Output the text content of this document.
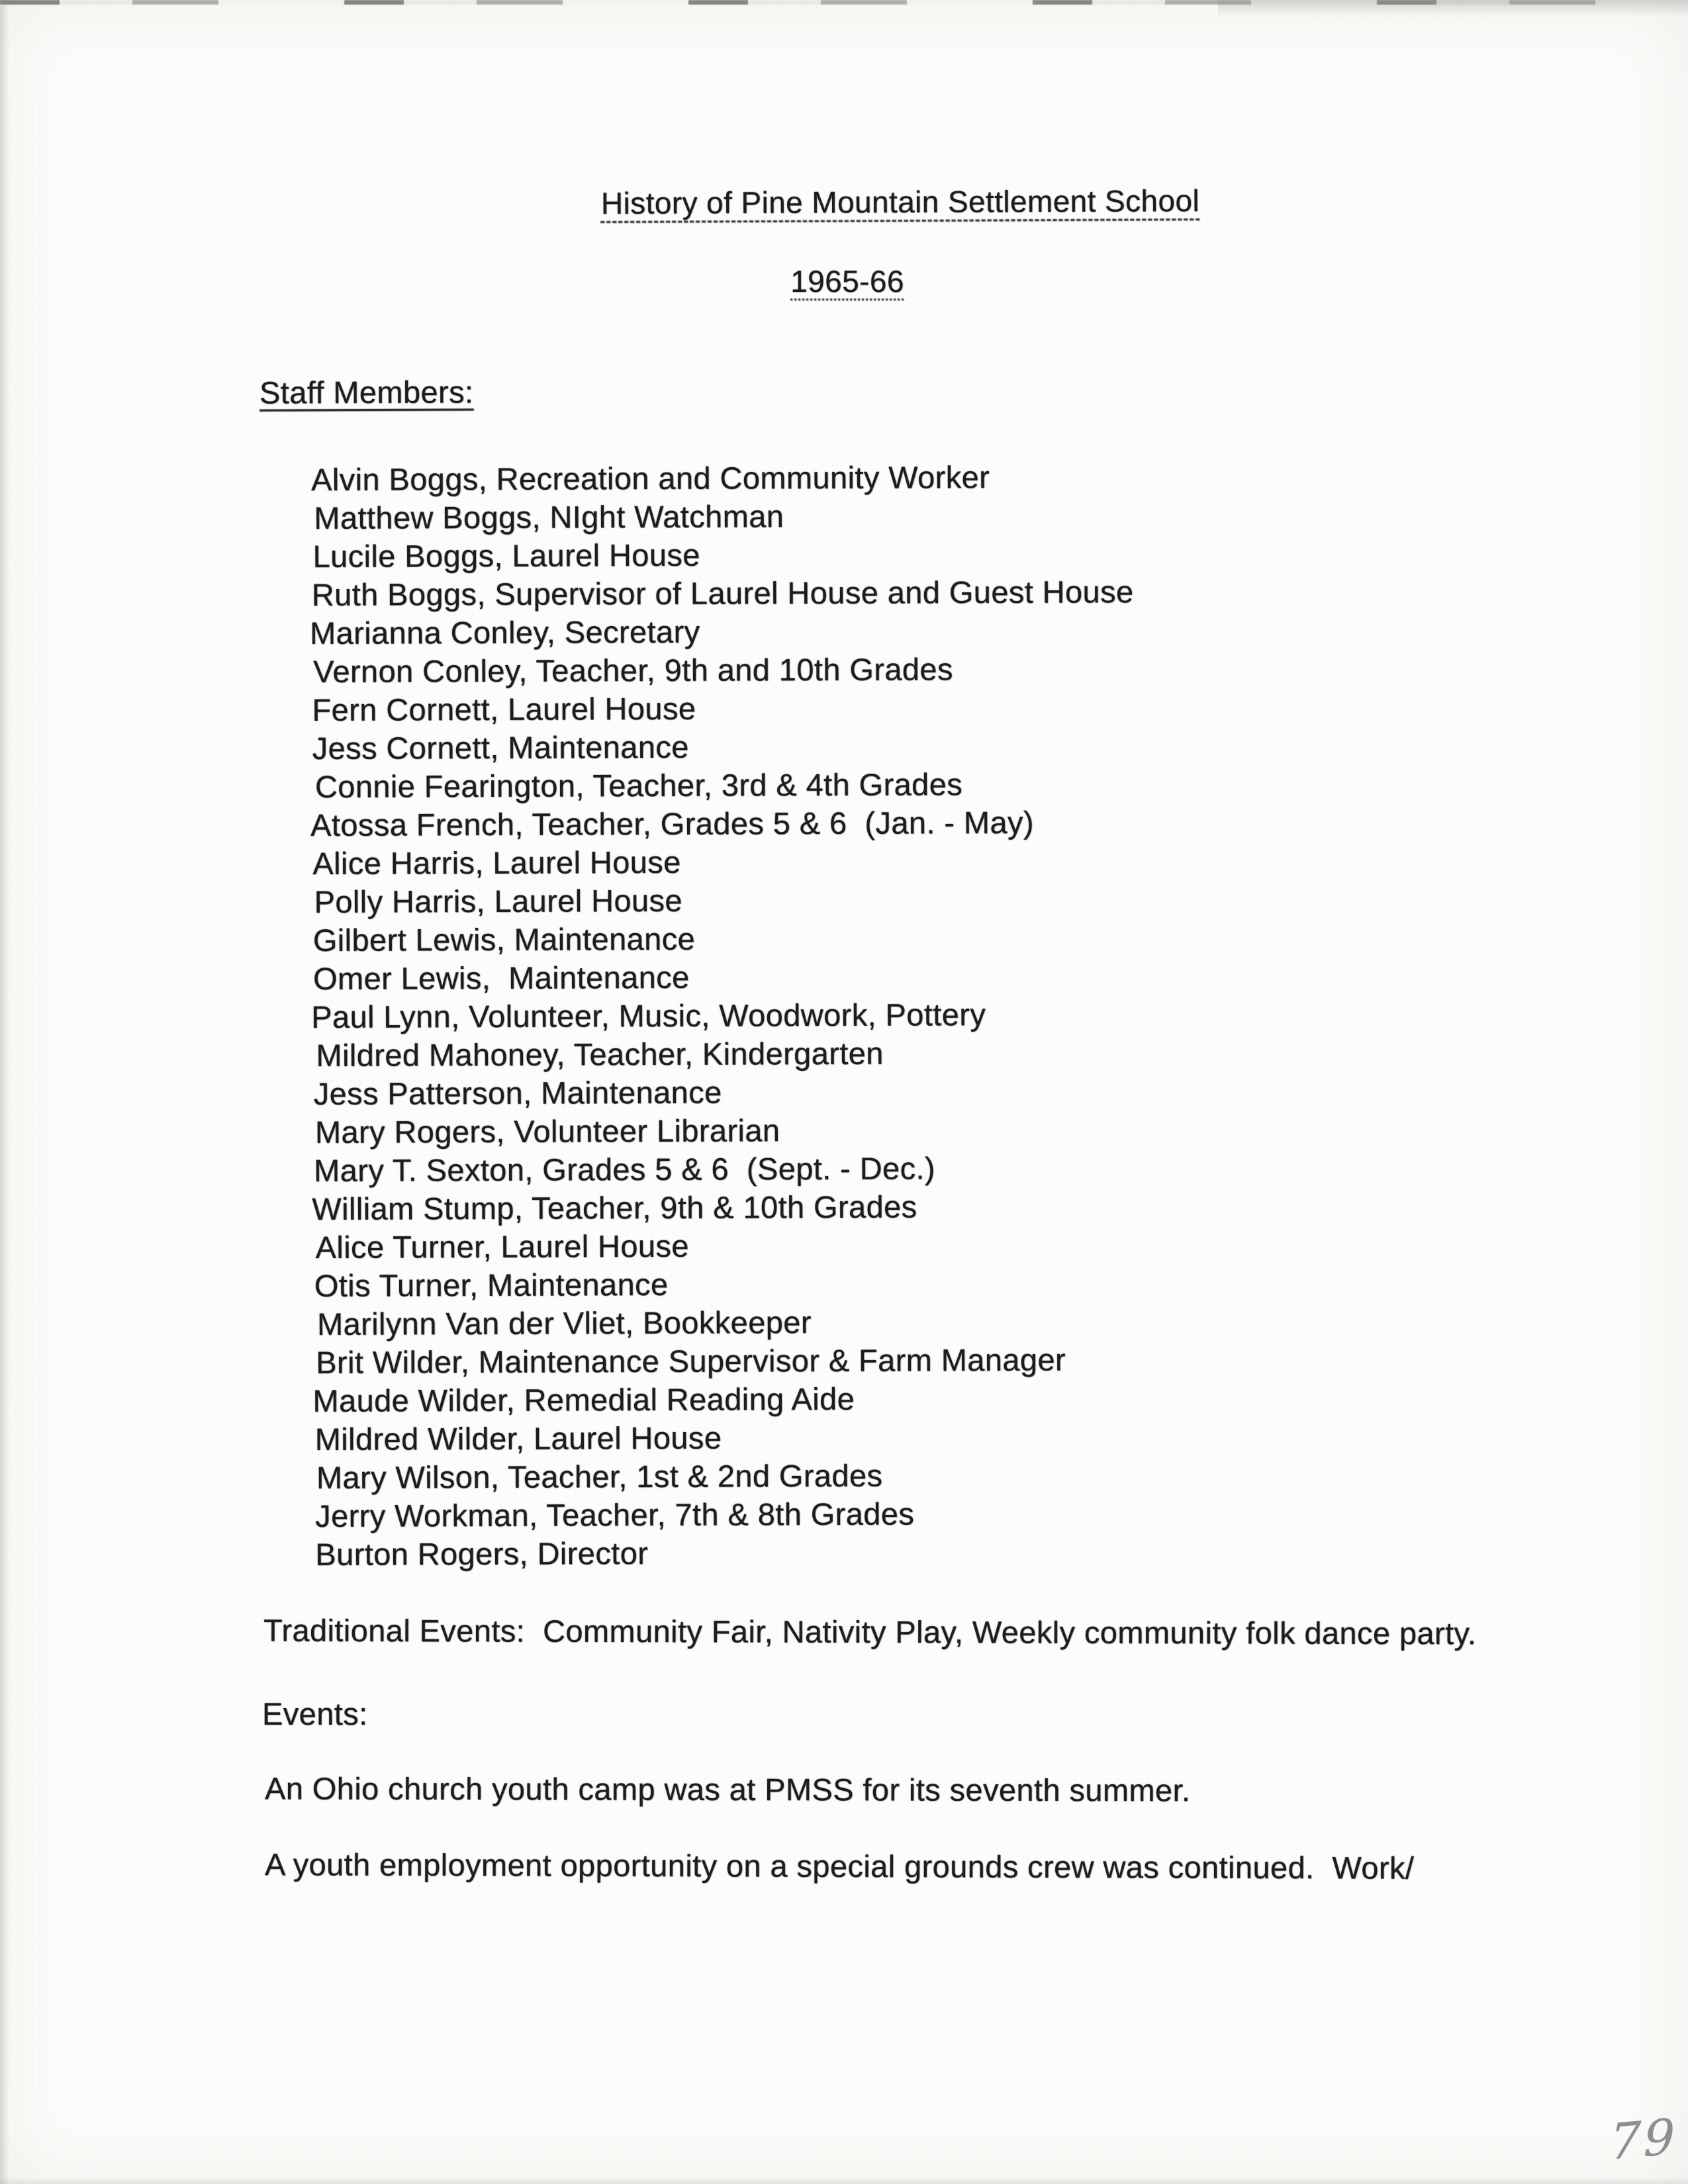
History of Pine Mountain Settlement School
1965-66
Staff Members:
Alvin Boggs, Recreation and Community Worker
Matthew Boggs, NIght Watchman
Lucile Boggs, Laurel House
Ruth Boggs, Supervisor of Laurel House and Guest House
Marianna Conley, Secretary
Vernon Conley, Teacher, 9th and 10th Grades
Fern Cornett, Laurel House
Jess Cornett, Maintenance
Connie Fearington, Teacher, 3rd & 4th Grades
Atossa French, Teacher, Grades 5 & 6  (Jan. - May)
Alice Harris, Laurel House
Polly Harris, Laurel House
Gilbert Lewis, Maintenance
Omer Lewis,  Maintenance
Paul Lynn, Volunteer, Music, Woodwork, Pottery
Mildred Mahoney, Teacher, Kindergarten
Jess Patterson, Maintenance
Mary Rogers, Volunteer Librarian
Mary T. Sexton, Grades 5 & 6  (Sept. - Dec.)
William Stump, Teacher, 9th & 10th Grades
Alice Turner, Laurel House
Otis Turner, Maintenance
Marilynn Van der Vliet, Bookkeeper
Brit Wilder, Maintenance Supervisor & Farm Manager
Maude Wilder, Remedial Reading Aide
Mildred Wilder, Laurel House
Mary Wilson, Teacher, 1st & 2nd Grades
Jerry Workman, Teacher, 7th & 8th Grades
Burton Rogers, Director
Traditional Events:  Community Fair, Nativity Play, Weekly community folk dance party.
Events:
An Ohio church youth camp was at PMSS for its seventh summer.
A youth employment opportunity on a special grounds crew was continued.  Work/
79
